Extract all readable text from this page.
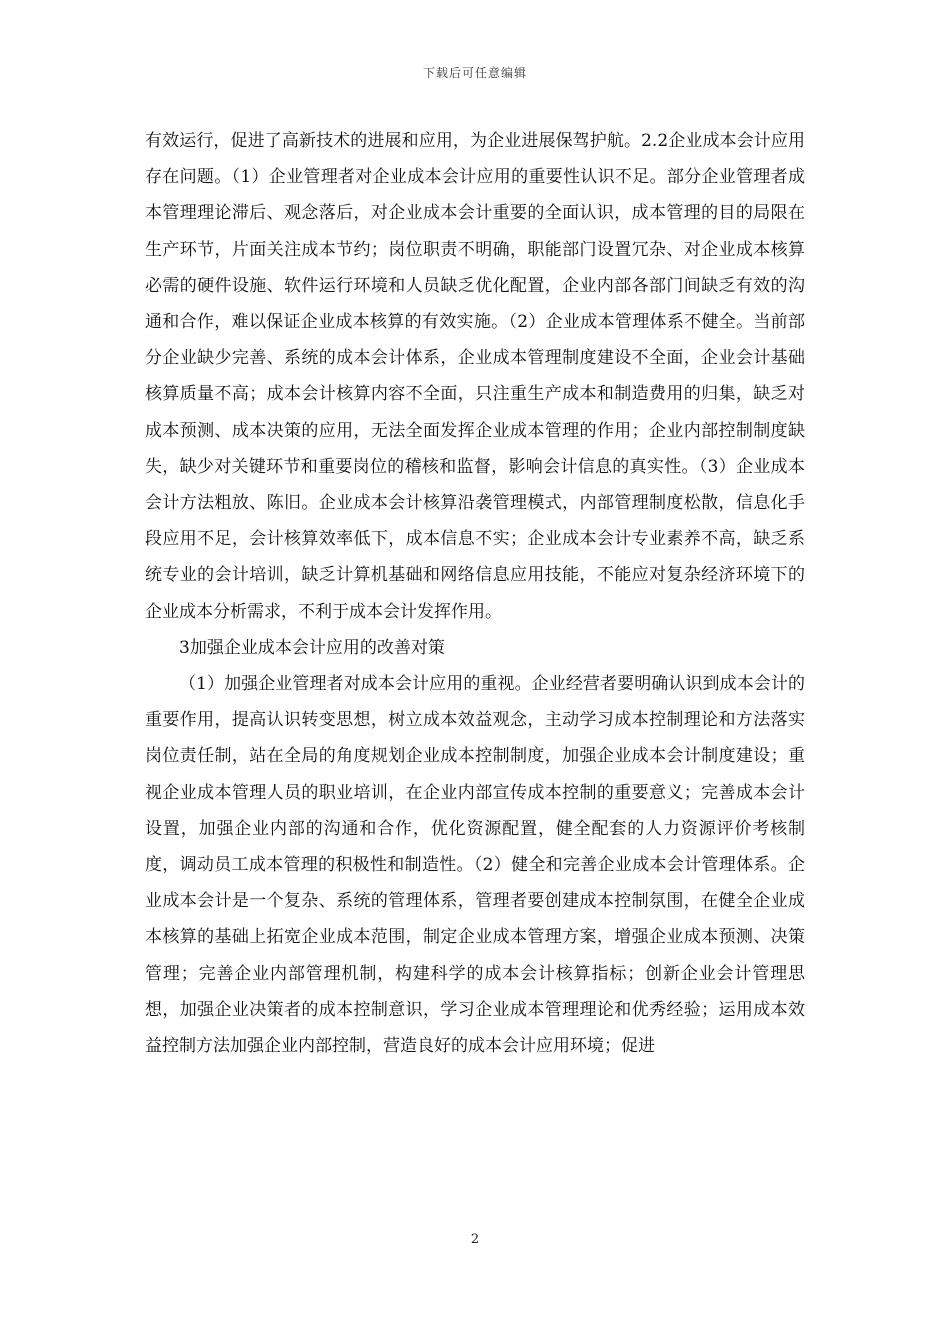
下载后可任意编辑

有效运行，促进了高新技术的进展和应用，为企业进展保驾护航。2.2企业成本会计应用存在问题。（1）企业管理者对企业成本会计应用的重要性认识不足。部分企业管理者成本管理理论滞后、观念落后，对企业成本会计重要的全面认识，成本管理的目的局限在生产环节，片面关注成本节约；岗位职责不明确，职能部门设置冗杂、对企业成本核算必需的硬件设施、软件运行环境和人员缺乏优化配置，企业内部各部门间缺乏有效的沟通和合作，难以保证企业成本核算的有效实施。（2）企业成本管理体系不健全。当前部分企业缺少完善、系统的成本会计体系，企业成本管理制度建设不全面，企业会计基础核算质量不高；成本会计核算内容不全面，只注重生产成本和制造费用的归集，缺乏对成本预测、成本决策的应用，无法全面发挥企业成本管理的作用；企业内部控制制度缺失，缺少对关键环节和重要岗位的稽核和监督，影响会计信息的真实性。（3）企业成本会计方法粗放、陈旧。企业成本会计核算沿袭管理模式，内部管理制度松散，信息化手段应用不足，会计核算效率低下，成本信息不实；企业成本会计专业素养不高，缺乏系统专业的会计培训，缺乏计算机基础和网络信息应用技能，不能应对复杂经济环境下的企业成本分析需求，不利于成本会计发挥作用。

3加强企业成本会计应用的改善对策

（1）加强企业管理者对成本会计应用的重视。企业经营者要明确认识到成本会计的重要作用，提高认识转变思想，树立成本效益观念，主动学习成本控制理论和方法落实岗位责任制，站在全局的角度规划企业成本控制制度，加强企业成本会计制度建设；重视企业成本管理人员的职业培训，在企业内部宣传成本控制的重要意义；完善成本会计设置，加强企业内部的沟通和合作，优化资源配置，健全配套的人力资源评价考核制度，调动员工成本管理的积极性和制造性。（2）健全和完善企业成本会计管理体系。企业成本会计是一个复杂、系统的管理体系，管理者要创建成本控制氛围，在健全企业成本核算的基础上拓宽企业成本范围，制定企业成本管理方案，增强企业成本预测、决策管理；完善企业内部管理机制，构建科学的成本会计核算指标；创新企业会计管理思想，加强企业决策者的成本控制意识，学习企业成本管理理论和优秀经验；运用成本效益控制方法加强企业内部控制，营造良好的成本会计应用环境；促进

2
